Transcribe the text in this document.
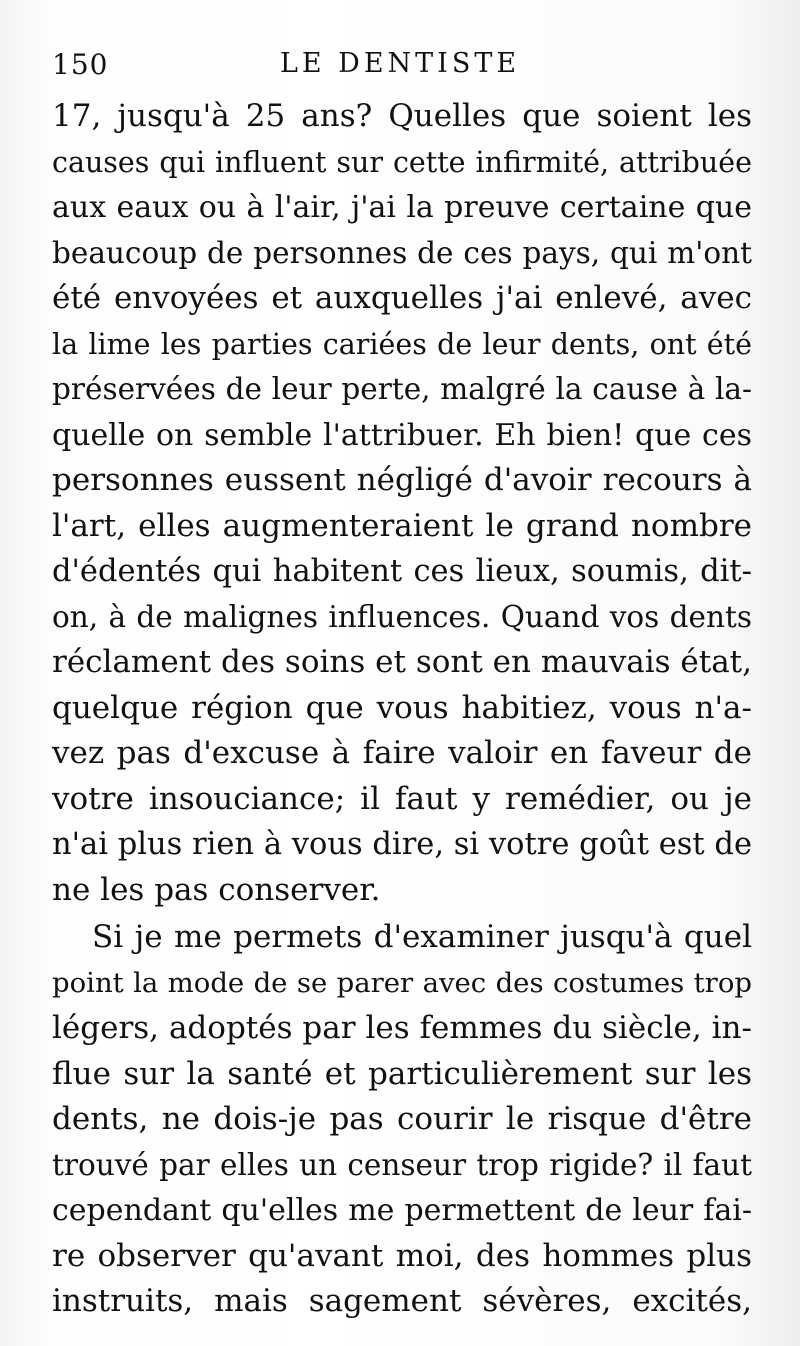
150	LE DENTISTE
17, jusqu'à 25 ans? Quelles que soient les
causes qui influent sur cette infirmité, attribuée
aux eaux ou à l'air, j'ai la preuve certaine que
beaucoup de personnes de ces pays, qui m'ont
été envoyées et auxquelles j'ai enlevé, avec
la lime les parties cariées de leur dents, ont été
préservées de leur perte, malgré la cause à la-
quelle on semble l'attribuer. Eh bien! que ces
personnes eussent négligé d'avoir recours à
l'art, elles augmenteraient le grand nombre
d'édentés qui habitent ces lieux, soumis, dit-
on, à de malignes influences. Quand vos dents
réclament des soins et sont en mauvais état,
quelque région que vous habitiez, vous n'a-
vez pas d'excuse à faire valoir en faveur de
votre insouciance; il faut y remédier, ou je
n'ai plus rien à vous dire, si votre goût est de
ne les pas conserver.
Si je me permets d'examiner jusqu'à quel
point la mode de se parer avec des costumes trop
légers, adoptés par les femmes du siècle, in-
flue sur la santé et particulièrement sur les
dents, ne dois-je pas courir le risque d'être
trouvé par elles un censeur trop rigide? il faut
cependant qu'elles me permettent de leur fai-
re observer qu'avant moi, des hommes plus
instruits, mais sagement sévères, excités,
